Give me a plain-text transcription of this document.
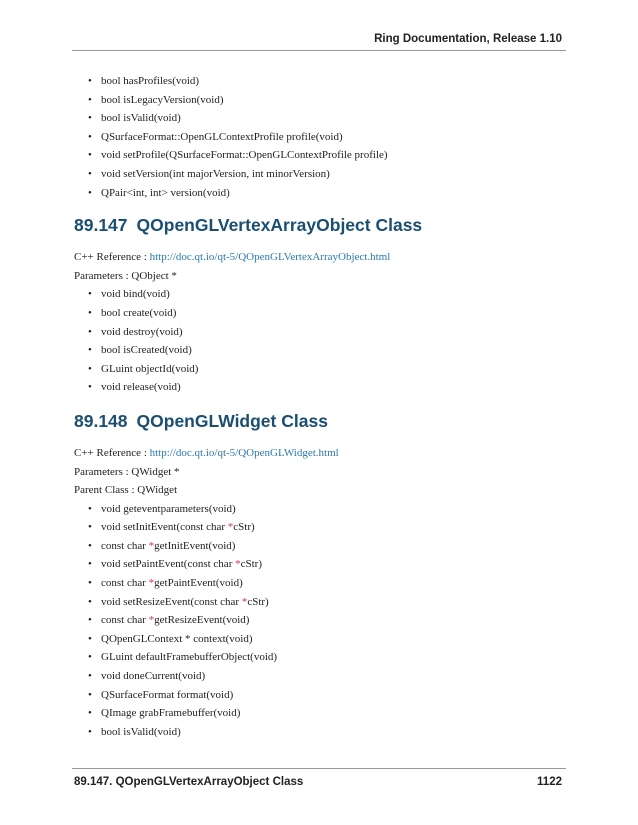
Ring Documentation, Release 1.10
• bool hasProfiles(void)
• bool isLegacyVersion(void)
• bool isValid(void)
• QSurfaceFormat::OpenGLContextProfile profile(void)
• void setProfile(QSurfaceFormat::OpenGLContextProfile profile)
• void setVersion(int majorVersion, int minorVersion)
• QPair<int, int> version(void)
89.147 QOpenGLVertexArrayObject Class
C++ Reference : http://doc.qt.io/qt-5/QOpenGLVertexArrayObject.html
Parameters : QObject *
• void bind(void)
• bool create(void)
• void destroy(void)
• bool isCreated(void)
• GLuint objectId(void)
• void release(void)
89.148 QOpenGLWidget Class
C++ Reference : http://doc.qt.io/qt-5/QOpenGLWidget.html
Parameters : QWidget *
Parent Class : QWidget
• void geteventparameters(void)
• void setInitEvent(const char *cStr)
• const char *getInitEvent(void)
• void setPaintEvent(const char *cStr)
• const char *getPaintEvent(void)
• void setResizeEvent(const char *cStr)
• const char *getResizeEvent(void)
• QOpenGLContext * context(void)
• GLuint defaultFramebufferObject(void)
• void doneCurrent(void)
• QSurfaceFormat format(void)
• QImage grabFramebuffer(void)
• bool isValid(void)
89.147. QOpenGLVertexArrayObject Class	1122
